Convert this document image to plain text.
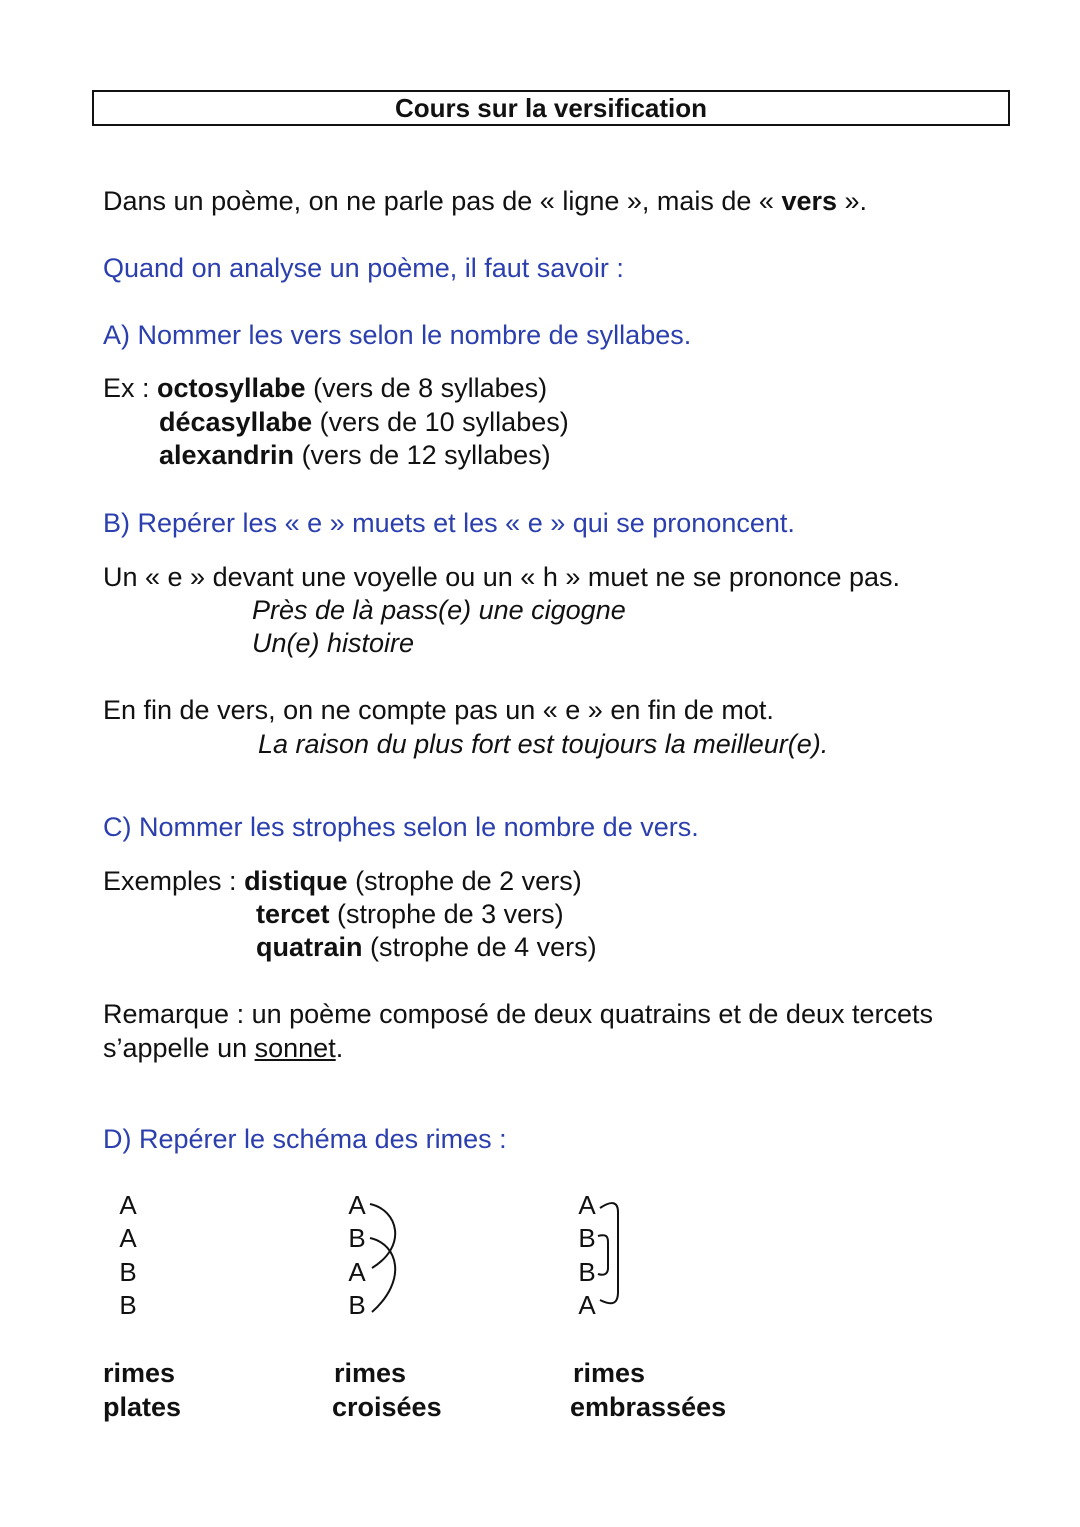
Cours sur la versification
Dans un poème, on ne parle pas de « ligne », mais de « vers ».
Quand on analyse un poème, il faut savoir :
A) Nommer les vers selon le nombre de syllabes.
Ex : octosyllabe (vers de 8 syllabes)
décasyllabe (vers de 10 syllabes)
alexandrin (vers de 12 syllabes)
B) Repérer les « e » muets et les « e » qui se prononcent.
Un « e » devant une voyelle ou un « h » muet ne se prononce pas.
Près de là pass(e) une cigogne
Un(e) histoire
En fin de vers, on ne compte pas un « e » en fin de mot.
La raison du plus fort est toujours la meilleur(e).
C) Nommer les strophes selon le nombre de vers.
Exemples : distique (strophe de 2 vers)
tercet (strophe de 3 vers)
quatrain (strophe de 4 vers)
Remarque : un poème composé de deux quatrains et de deux tercets
s’appelle un sonnet.
D) Repérer le schéma des rimes :
A
A
B
B
rimes
plates
A
B
A
B
rimes
croisées
A
B
B
A
rimes
embrassées
